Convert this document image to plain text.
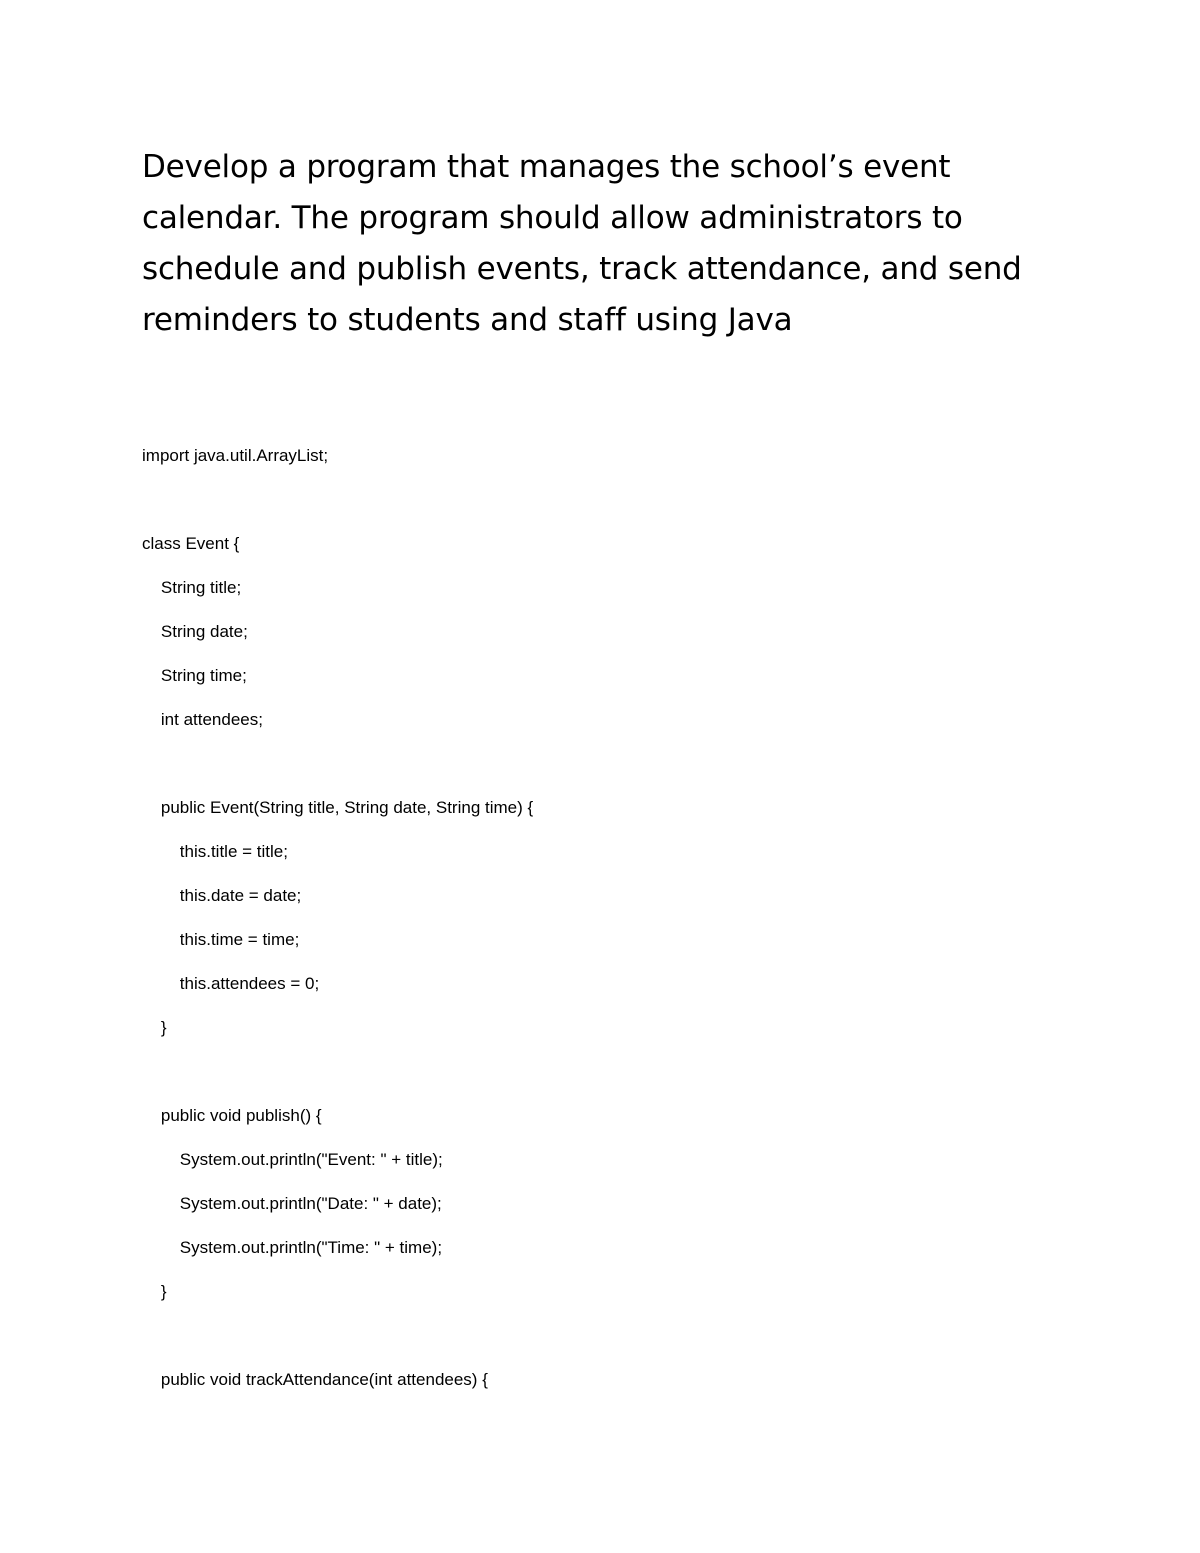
Develop a program that manages the school’s event
calendar. The program should allow administrators to
schedule and publish events, track attendance, and send
reminders to students and staff using Java
import java.util.ArrayList;
class Event {
String title;
String date;
String time;
int attendees;
public Event(String title, String date, String time) {
this.title = title;
this.date = date;
this.time = time;
this.attendees = 0;
}
public void publish() {
System.out.println("Event: " + title);
System.out.println("Date: " + date);
System.out.println("Time: " + time);
}
public void trackAttendance(int attendees) {
